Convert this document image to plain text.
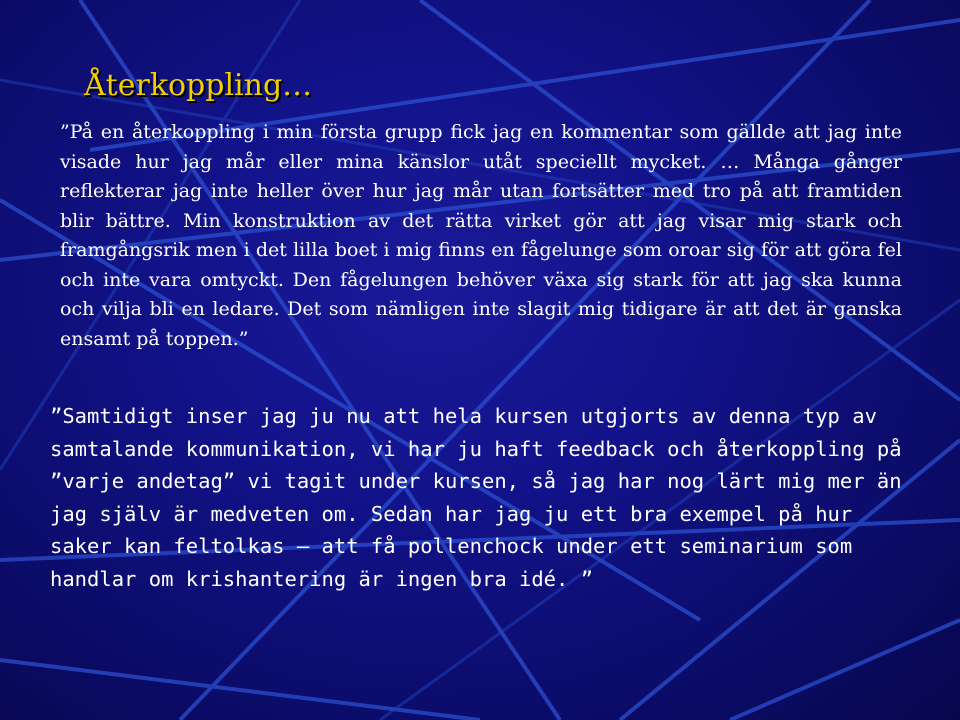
Återkoppling…

”På en återkoppling i min första grupp fick jag en kommentar som gällde att jag inte visade hur jag mår eller mina känslor utåt speciellt mycket. … Många gånger reflekterar jag inte heller över hur jag mår utan fortsätter med tro på att framtiden blir bättre. Min konstruktion av det rätta virket gör att jag visar mig stark och framgångsrik men i det lilla boet i mig finns en fågelunge som oroar sig för att göra fel och inte vara omtyckt. Den fågelungen behöver växa sig stark för att jag ska kunna och vilja bli en ledare. Det som nämligen inte slagit mig tidigare är att det är ganska ensamt på toppen.”

”Samtidigt inser jag ju nu att hela kursen utgjorts av denna typ av samtalande kommunikation, vi har ju haft feedback och återkoppling på ”varje andetag” vi tagit under kursen, så jag har nog lärt mig mer än jag själv är medveten om. Sedan har jag ju ett bra exempel på hur saker kan feltolkas – att få pollenchock under ett seminarium som handlar om krishantering är ingen bra idé. ”
